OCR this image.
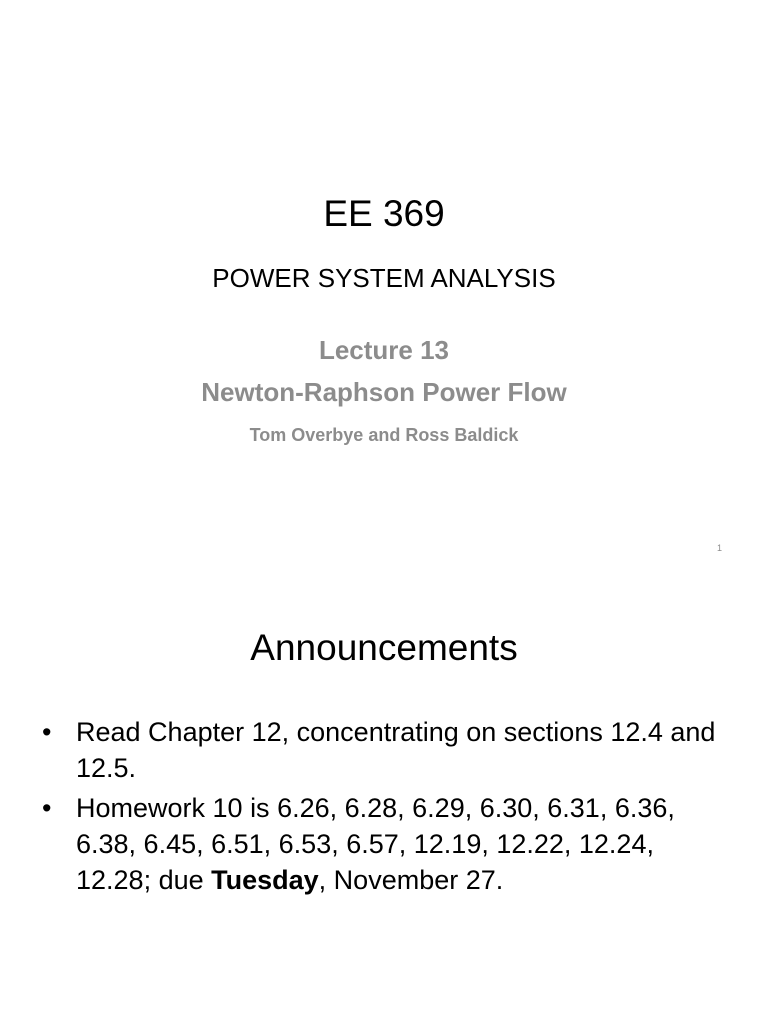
EE 369
POWER SYSTEM ANALYSIS
Lecture 13
Newton-Raphson Power Flow
Tom Overbye and Ross Baldick
1
Announcements
• Read Chapter 12, concentrating on sections 12.4 and 12.5.
• Homework 10 is 6.26, 6.28, 6.29, 6.30, 6.31, 6.36, 6.38, 6.45, 6.51, 6.53, 6.57, 12.19, 12.22, 12.24, 12.28; due Tuesday, November 27.
